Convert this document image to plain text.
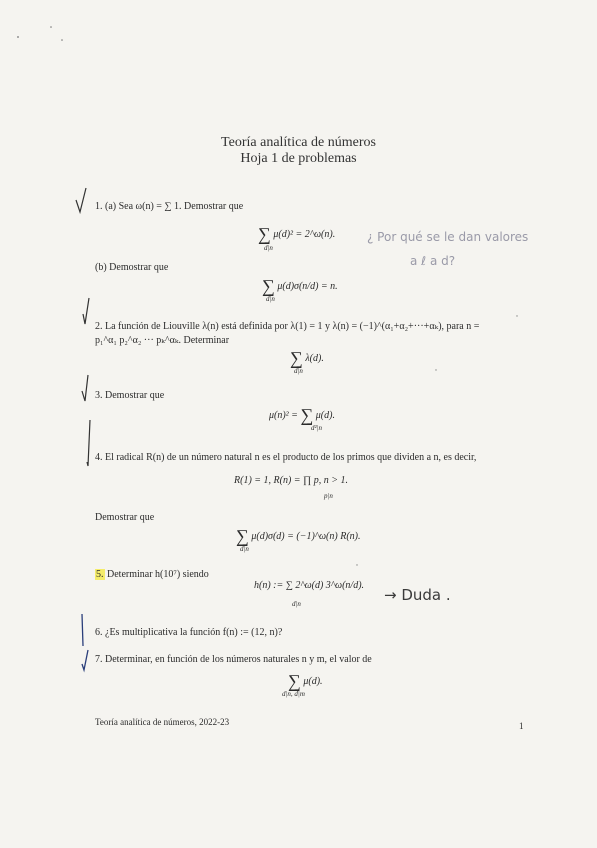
Teoría analítica de números
Hoja 1 de problemas
1. (a) Sea ω(n) = ∑ 1. Demostrar que
∑ μ(d)² = 2^ω(n).
d|n
¿ Por qué se le dan valores
a ℓ a d?
(b) Demostrar que
∑ μ(d)σ(n/d) = n.
d|n
2. La función de Liouville λ(n) está definida por λ(1) = 1 y λ(n) = (−1)^(α₁+α₂+···+αₖ), para n =
p₁^α₁ p₂^α₂ ··· pₖ^αₖ. Determinar
∑ λ(d).
d|n
3. Demostrar que
μ(n)² = ∑ μ(d).
d²|n
4. El radical R(n) de un número natural n es el producto de los primos que dividen a n, es decir,
R(1) = 1, R(n) = ∏ p, n > 1.
p|n
Demostrar que
∑ μ(d)σ(d) = (−1)^ω(n) R(n).
d|n
5. Determinar h(10⁷) siendo
h(n) := ∑ 2^ω(d) 3^ω(n/d).
d|n	→ Duda .
6. ¿Es multiplicativa la función f(n) := (12, n)?
7. Determinar, en función de los números naturales n y m, el valor de
∑ μ(d).
d|n, d|m
Teoría analítica de números, 2022-23	1
